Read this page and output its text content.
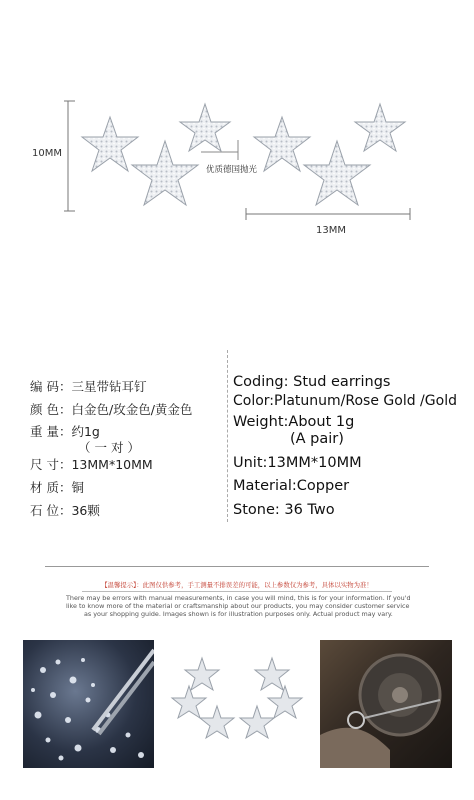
10MM
13MM
优质德国抛光
编 码：三星带钻耳钉
颜 色：白金色/玫金色/黄金色
重 量：约1g
（ 一 对 ）
尺 寸：13MM*10MM
材 质：铜
石 位：36颗
Coding: Stud earrings
Color:Platunum/Rose Gold /Gold
Weight:About 1g
(A pair)
Unit:13MM*10MM
Material:Copper
Stone: 36 Two
【温馨提示】：此图仅供参考，手工测量不排误差的可能，以上参数仅为参考，具体以实物为准！
There may be errors with manual measurements, in case you will mind, this is for your information. If you'd
like to know more of the material or craftsmanship about our products, you may consider customer service
as your shopping guide. Images shown is for illustration purposes only. Actual product may vary.
